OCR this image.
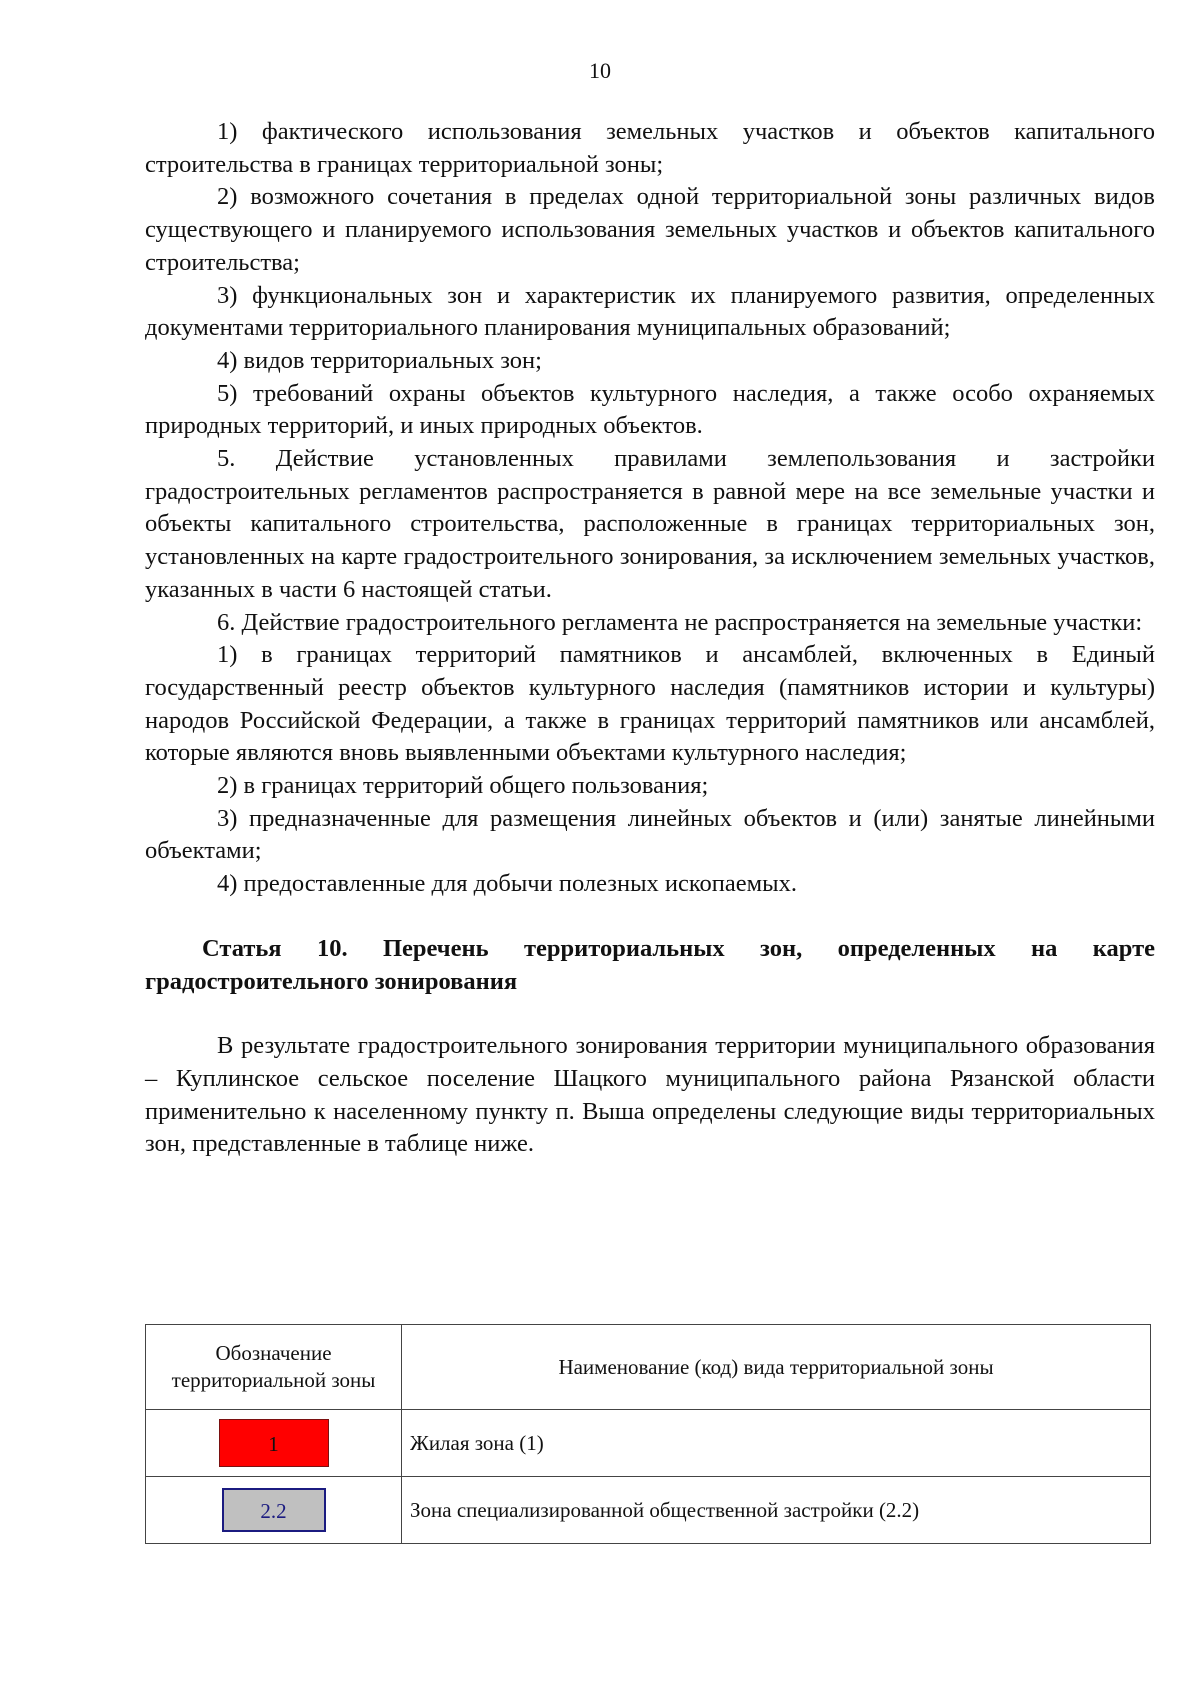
10

1) фактического использования земельных участков и объектов капитального строительства в границах территориальной зоны;

2) возможного сочетания в пределах одной территориальной зоны различных видов существующего и планируемого использования земельных участков и объектов капитального строительства;

3) функциональных зон и характеристик их планируемого развития, определенных документами территориального планирования муниципальных образований;

4) видов территориальных зон;

5) требований охраны объектов культурного наследия, а также особо охраняемых природных территорий, и иных природных объектов.

5. Действие установленных правилами землепользования и застройки градостроительных регламентов распространяется в равной мере на все земельные участки и объекты капитального строительства, расположенные в границах территориальных зон, установленных на карте градостроительного зонирования, за исключением земельных участков, указанных в части 6 настоящей статьи.

6. Действие градостроительного регламента не распространяется на земельные участки:

1) в границах территорий памятников и ансамблей, включенных в Единый государственный реестр объектов культурного наследия (памятников истории и культуры) народов Российской Федерации, а также в границах территорий памятников или ансамблей, которые являются вновь выявленными объектами культурного наследия;

2) в границах территорий общего пользования;

3) предназначенные для размещения линейных объектов и (или) занятые линейными объектами;

4) предоставленные для добычи полезных ископаемых.

Статья 10. Перечень территориальных зон, определенных на карте градостроительного зонирования

В результате градостроительного зонирования территории муниципального образования – Куплинское сельское поселение Шацкого муниципального района Рязанской области применительно к населенному пункту п. Выша определены следующие виды территориальных зон, представленные в таблице ниже.

Обозначение территориальной зоны	Наименование (код) вида территориальной зоны
1	Жилая зона (1)
2.2	Зона специализированной общественной застройки (2.2)
